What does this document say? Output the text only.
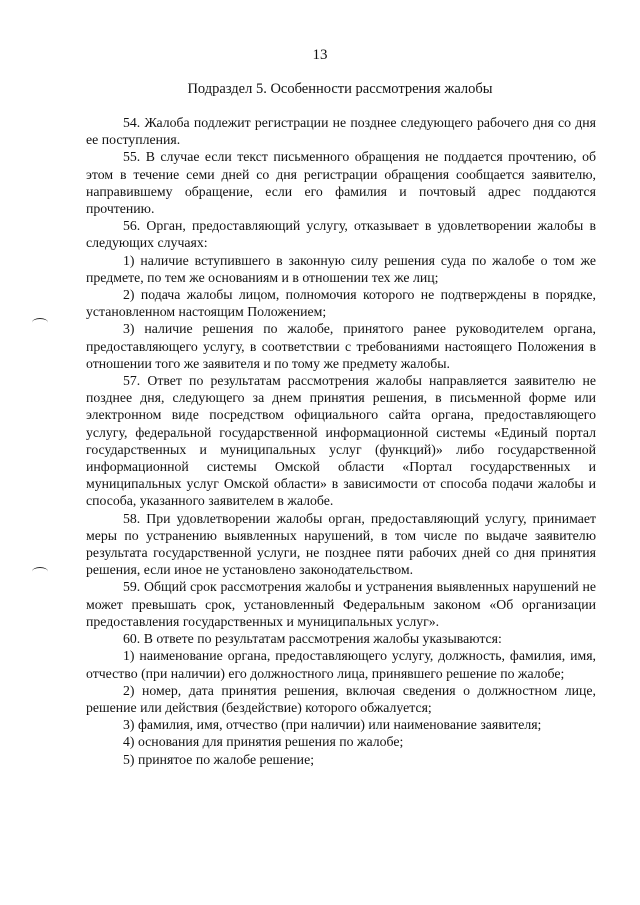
13
Подраздел 5. Особенности рассмотрения жалобы

54. Жалоба подлежит регистрации не позднее следующего рабочего дня со дня ее поступления.

55. В случае если текст письменного обращения не поддается прочтению, об этом в течение семи дней со дня регистрации обращения сообщается заявителю, направившему обращение, если его фамилия и почтовый адрес поддаются прочтению.

56. Орган, предоставляющий услугу, отказывает в удовлетворении жалобы в следующих случаях:

1) наличие вступившего в законную силу решения суда по жалобе о том же предмете, по тем же основаниям и в отношении тех же лиц;

2) подача жалобы лицом, полномочия которого не подтверждены в порядке, установленном настоящим Положением;

3) наличие решения по жалобе, принятого ранее руководителем органа, предоставляющего услугу, в соответствии с требованиями настоящего Положения в отношении того же заявителя и по тому же предмету жалобы.

57. Ответ по результатам рассмотрения жалобы направляется заявителю не позднее дня, следующего за днем принятия решения, в письменной форме или электронном виде посредством официального сайта органа, предоставляющего услугу, федеральной государственной информационной системы «Единый портал государственных и муниципальных услуг (функций)» либо государственной информационной системы Омской области «Портал государственных и муниципальных услуг Омской области» в зависимости от способа подачи жалобы и способа, указанного заявителем в жалобе.

58. При удовлетворении жалобы орган, предоставляющий услугу, принимает меры по устранению выявленных нарушений, в том числе по выдаче заявителю результата государственной услуги, не позднее пяти рабочих дней со дня принятия решения, если иное не установлено законодательством.

59. Общий срок рассмотрения жалобы и устранения выявленных нарушений не может превышать срок, установленный Федеральным законом «Об организации предоставления государственных и муниципальных услуг».

60. В ответе по результатам рассмотрения жалобы указываются:

1) наименование органа, предоставляющего услугу, должность, фамилия, имя, отчество (при наличии) его должностного лица, принявшего решение по жалобе;

2) номер, дата принятия решения, включая сведения о должностном лице, решение или действия (бездействие) которого обжалуется;

3) фамилия, имя, отчество (при наличии) или наименование заявителя;

4) основания для принятия решения по жалобе;

5) принятое по жалобе решение;
